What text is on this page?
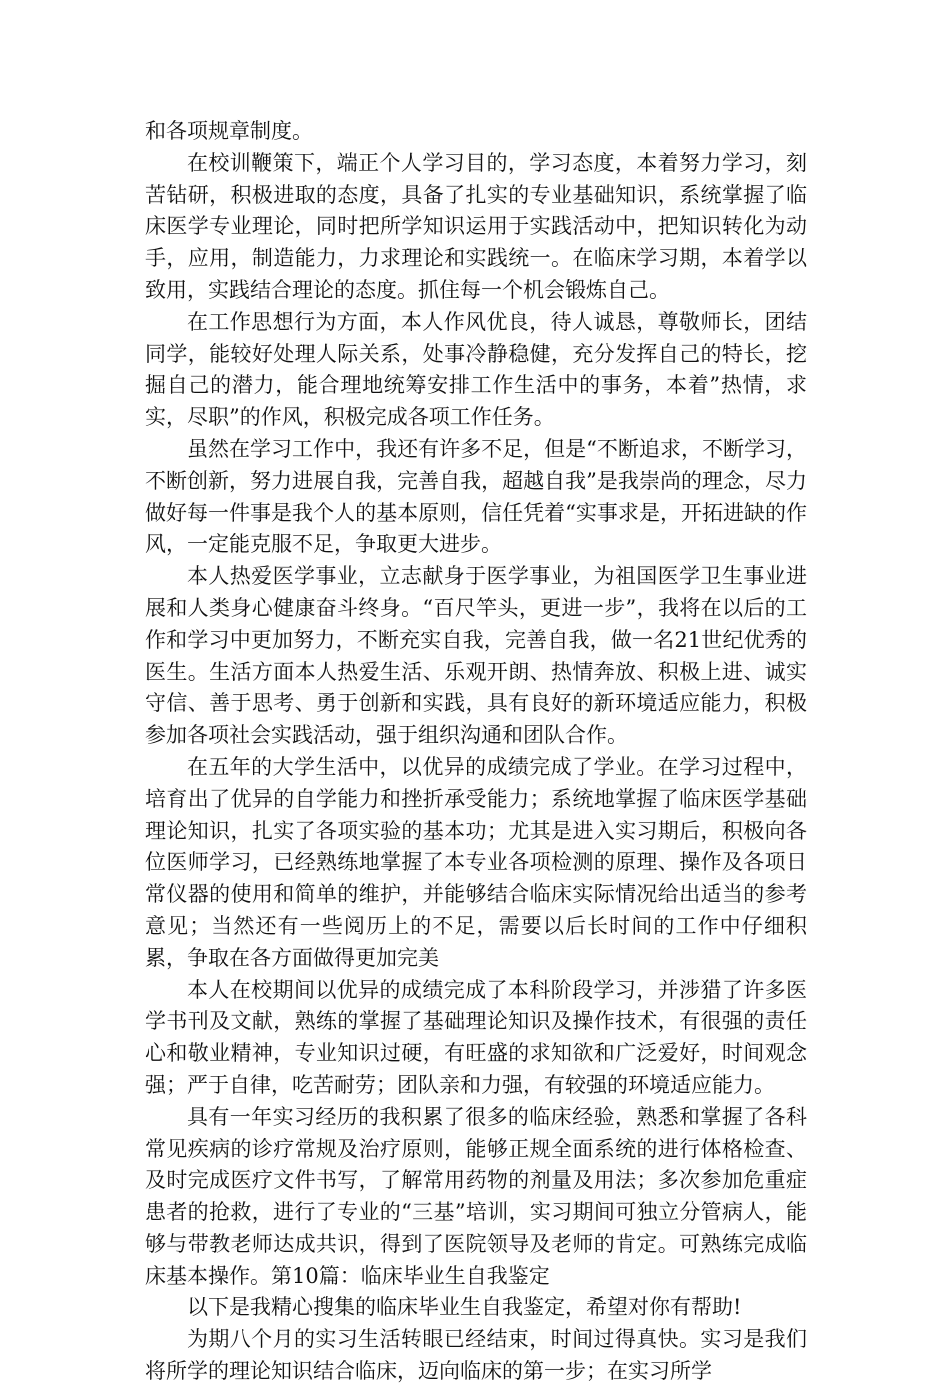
和各项规章制度。

在校训鞭策下，端正个人学习目的，学习态度，本着努力学习，刻苦钻研，积极进取的态度，具备了扎实的专业基础知识，系统掌握了临床医学专业理论，同时把所学知识运用于实践活动中，把知识转化为动手，应用，制造能力，力求理论和实践统一。在临床学习期，本着学以致用，实践结合理论的态度。抓住每一个机会锻炼自己。

在工作思想行为方面，本人作风优良，待人诚恳，尊敬师长，团结同学，能较好处理人际关系，处事冷静稳健，充分发挥自己的特长，挖掘自己的潜力，能合理地统筹安排工作生活中的事务，本着”热情，求实，尽职”的作风，积极完成各项工作任务。

虽然在学习工作中，我还有许多不足，但是“不断追求，不断学习，不断创新，努力进展自我，完善自我，超越自我”是我崇尚的理念，尽力做好每一件事是我个人的基本原则，信任凭着“实事求是，开拓进缺的作风，一定能克服不足，争取更大进步。

本人热爱医学事业，立志献身于医学事业，为祖国医学卫生事业进展和人类身心健康奋斗终身。“百尺竿头，更进一步”，我将在以后的工作和学习中更加努力，不断充实自我，完善自我，做一名21世纪优秀的医生。生活方面本人热爱生活、乐观开朗、热情奔放、积极上进、诚实守信、善于思考、勇于创新和实践，具有良好的新环境适应能力，积极参加各项社会实践活动，强于组织沟通和团队合作。

在五年的大学生活中，以优异的成绩完成了学业。在学习过程中，培育出了优异的自学能力和挫折承受能力；系统地掌握了临床医学基础理论知识，扎实了各项实验的基本功；尤其是进入实习期后，积极向各位医师学习，已经熟练地掌握了本专业各项检测的原理、操作及各项日常仪器的使用和简单的维护，并能够结合临床实际情况给出适当的参考意见；当然还有一些阅历上的不足，需要以后长时间的工作中仔细积累，争取在各方面做得更加完美

本人在校期间以优异的成绩完成了本科阶段学习，并涉猎了许多医学书刊及文献，熟练的掌握了基础理论知识及操作技术，有很强的责任心和敬业精神，专业知识过硬，有旺盛的求知欲和广泛爱好，时间观念强；严于自律，吃苦耐劳；团队亲和力强，有较强的环境适应能力。

具有一年实习经历的我积累了很多的临床经验，熟悉和掌握了各科常见疾病的诊疗常规及治疗原则，能够正规全面系统的进行体格检查、及时完成医疗文件书写，了解常用药物的剂量及用法；多次参加危重症患者的抢救，进行了专业的“三基”培训，实习期间可独立分管病人，能够与带教老师达成共识，得到了医院领导及老师的肯定。可熟练完成临床基本操作。第10篇：临床毕业生自我鉴定

以下是我精心搜集的临床毕业生自我鉴定，希望对你有帮助!

为期八个月的实习生活转眼已经结束，时间过得真快。实习是我们将所学的理论知识结合临床，迈向临床的第一步；在实习所学
